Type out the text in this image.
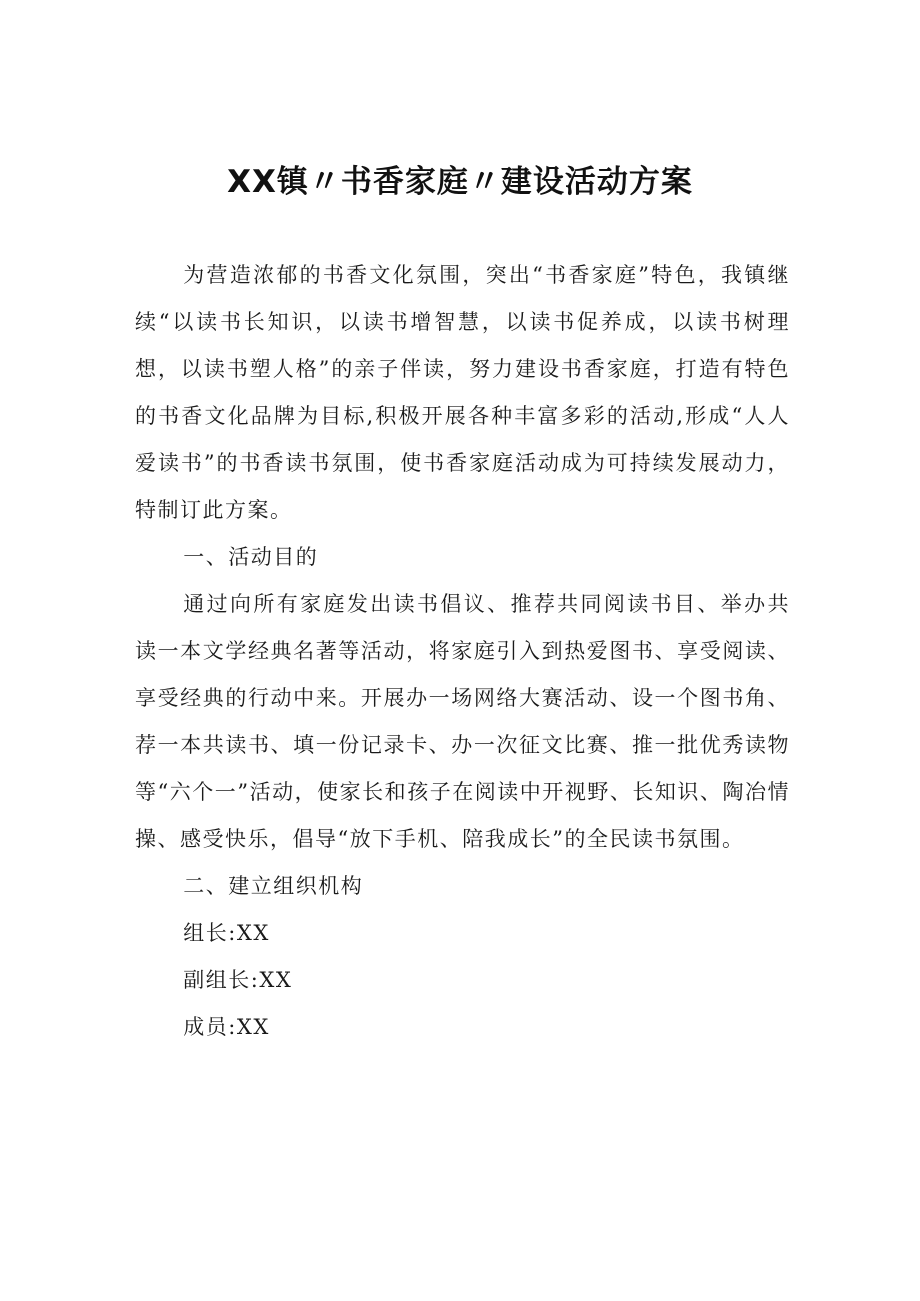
XX镇〃书香家庭〃建设活动方案

为营造浓郁的书香文化氛围，突出“书香家庭”特色，我镇继续“以读书长知识，以读书增智慧，以读书促养成，以读书树理想，以读书塑人格”的亲子伴读，努力建设书香家庭，打造有特色的书香文化品牌为目标,积极开展各种丰富多彩的活动,形成“人人爱读书”的书香读书氛围，使书香家庭活动成为可持续发展动力，特制订此方案。

一、活动目的

通过向所有家庭发出读书倡议、推荐共同阅读书目、举办共读一本文学经典名著等活动，将家庭引入到热爱图书、享受阅读、享受经典的行动中来。开展办一场网络大赛活动、设一个图书角、荐一本共读书、填一份记录卡、办一次征文比赛、推一批优秀读物等“六个一”活动，使家长和孩子在阅读中开视野、长知识、陶冶情操、感受快乐，倡导“放下手机、陪我成长”的全民读书氛围。

二、建立组织机构

组长:XX

副组长:XX

成员:XX
